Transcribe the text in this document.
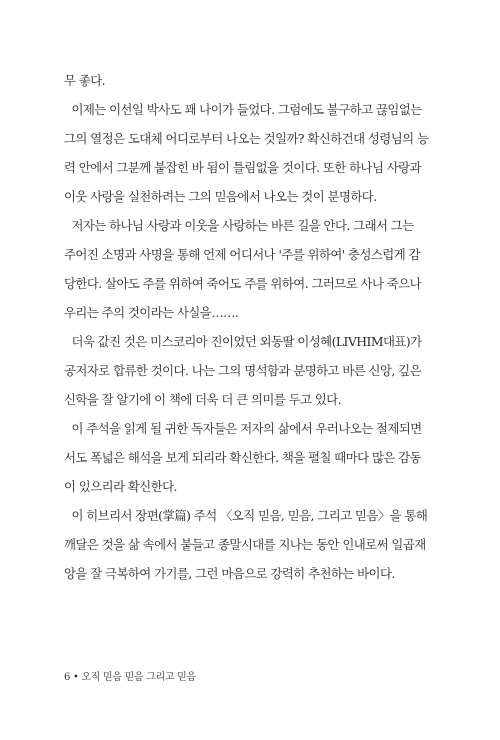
무 좋다.

이제는 이선일 박사도 꽤 나이가 들었다. 그럼에도 불구하고 끊임없는

그의 열정은 도대체 어디로부터 나오는 것일까? 확신하건대 성령님의 능

력 안에서 그분께 붙잡힌 바 됨이 틀림없을 것이다. 또한 하나님 사랑과

이웃 사랑을 실천하려는 그의 믿음에서 나오는 것이 분명하다.

저자는 하나님 사랑과 이웃을 사랑하는 바른 길을 안다. 그래서 그는

주어진 소명과 사명을 통해 언제 어디서나 '주를 위하여' 충성스럽게 감

당한다. 살아도 주를 위하여 죽어도 주를 위하여. 그러므로 사나 죽으나

우리는 주의 것이라는 사실을…….

더욱 값진 것은 미스코리아 진이었던 외동딸 이성혜(LIVHIM대표)가

공저자로 합류한 것이다. 나는 그의 명석함과 분명하고 바른 신앙, 깊은

신학을 잘 알기에 이 책에 더욱 더 큰 의미를 두고 있다.

이 주석을 읽게 될 귀한 독자들은 저자의 삶에서 우러나오는 절제되면

서도 폭넓은 해석을 보게 되리라 확신한다. 책을 펼칠 때마다 많은 감동

이 있으리라 확신한다.

이 히브리서 장편(掌篇) 주석 〈오직 믿음, 믿음, 그리고 믿음〉을 통해

깨달은 것을 삶 속에서 붙들고 종말시대를 지나는 동안 인내로써 일곱재

앙을 잘 극복하여 가기를, 그런 마음으로 강력히 추천하는 바이다.

6 • 오직 믿음 믿음 그리고 믿음
